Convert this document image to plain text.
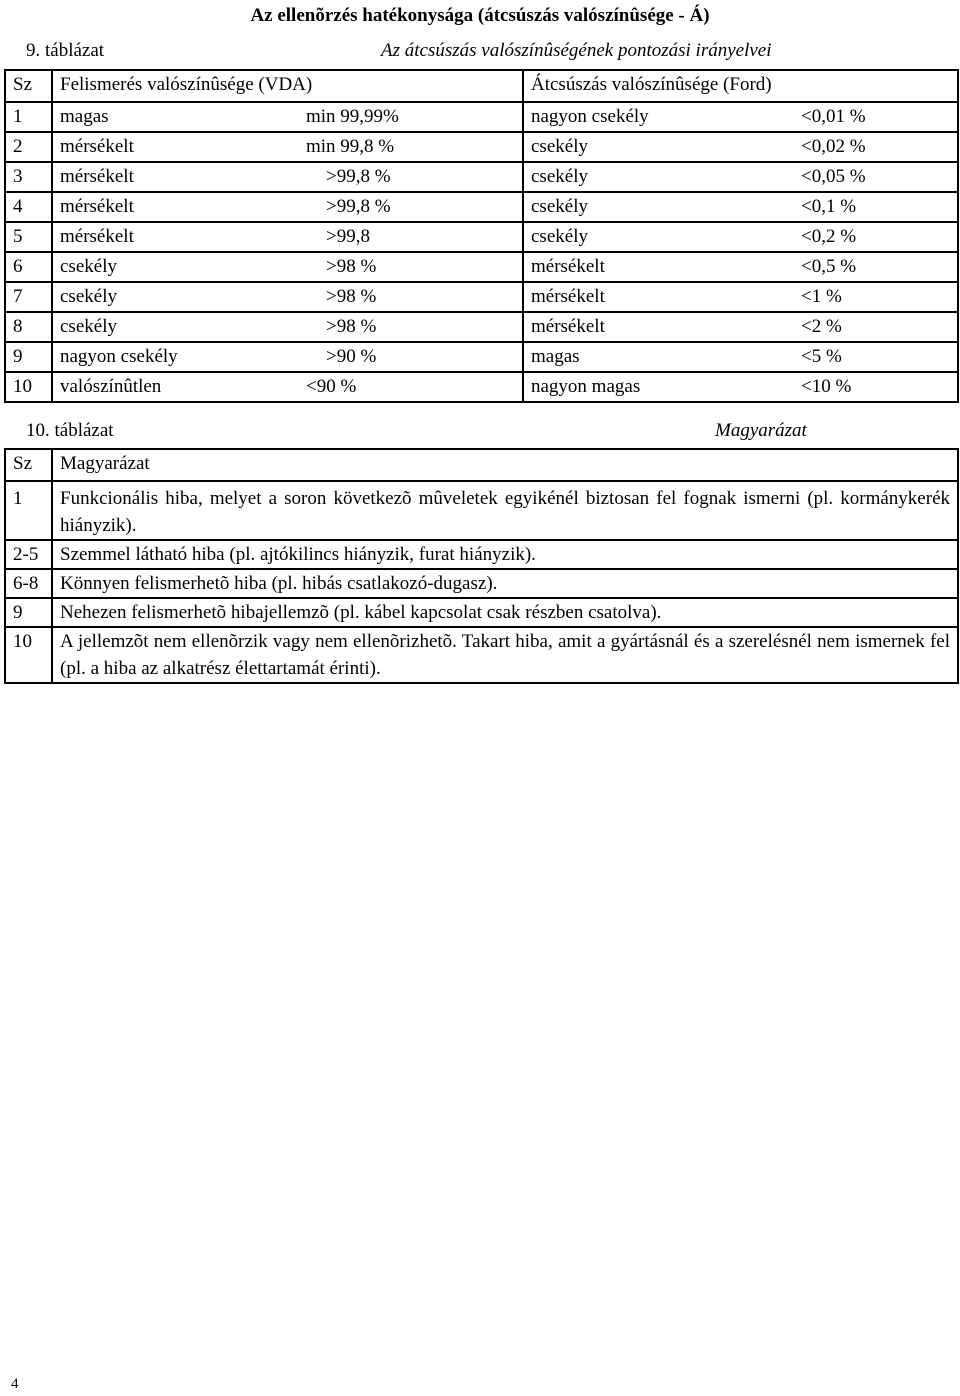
Az ellenõrzés hatékonysága (átcsúszás valószínûsége - Á)
9. táblázat	Az átcsúszás valószínûségének pontozási irányelvei
Sz	Felismerés valószínûsége (VDA)		Átcsúszás valószínûsége (Ford)	
1	magas	min 99,99%	nagyon csekély	<0,01 %
2	mérsékelt	min 99,8 %	csekély	<0,02 %
3	mérsékelt	>99,8 %	csekély	<0,05 %
4	mérsékelt	>99,8 %	csekély	<0,1 %
5	mérsékelt	>99,8	csekély	<0,2 %
6	csekély	>98 %	mérsékelt	<0,5 %
7	csekély	>98 %	mérsékelt	<1 %
8	csekély	>98 %	mérsékelt	<2 %
9	nagyon csekély	>90 %	magas	<5 %
10	valószínûtlen	<90 %	nagyon magas	<10 %
10. táblázat	Magyarázat
Sz	Magyarázat
1	Funkcionális hiba, melyet a soron következõ mûveletek egyikénél biztosan fel fognak ismerni (pl. kormánykerék hiányzik).
2-5	Szemmel látható hiba (pl. ajtókilincs hiányzik, furat hiányzik).
6-8	Könnyen felismerhetõ hiba (pl. hibás csatlakozó-dugasz).
9	Nehezen felismerhetõ hibajellemzõ (pl. kábel kapcsolat csak részben csatolva).
10	A jellemzõt nem ellenõrzik vagy nem ellenõrizhetõ. Takart hiba, amit a gyártásnál és a szerelésnél nem ismernek fel (pl. a hiba az alkatrész élettartamát érinti).
4
